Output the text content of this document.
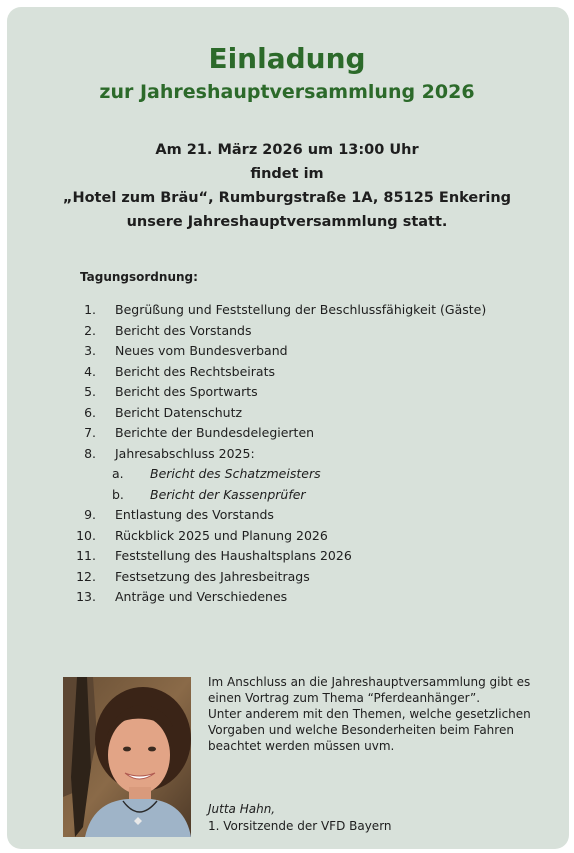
Einladung
zur Jahreshauptversammlung 2026
Am 21. März 2026 um 13:00 Uhr
findet im
„Hotel zum Bräu“, Rumburgstraße 1A, 85125 Enkering
unsere Jahreshauptversammlung statt.
Tagungsordnung:
1. Begrüßung und Feststellung der Beschlussfähigkeit (Gäste)
2. Bericht des Vorstands
3. Neues vom Bundesverband
4. Bericht des Rechtsbeirats
5. Bericht des Sportwarts
6. Bericht Datenschutz
7. Berichte der Bundesdelegierten
8. Jahresabschluss 2025:
a. Bericht des Schatzmeisters
b. Bericht der Kassenprüfer
9. Entlastung des Vorstands
10. Rückblick 2025 und Planung 2026
11. Feststellung des Haushaltsplans 2026
12. Festsetzung des Jahresbeitrags
13. Anträge und Verschiedenes
Im Anschluss an die Jahreshauptversammlung gibt es
einen Vortrag zum Thema “Pferdeanhänger”.
Unter anderem mit den Themen, welche gesetzlichen
Vorgaben und welche Besonderheiten beim Fahren
beachtet werden müssen uvm.
Jutta Hahn,
1. Vorsitzende der VFD Bayern
